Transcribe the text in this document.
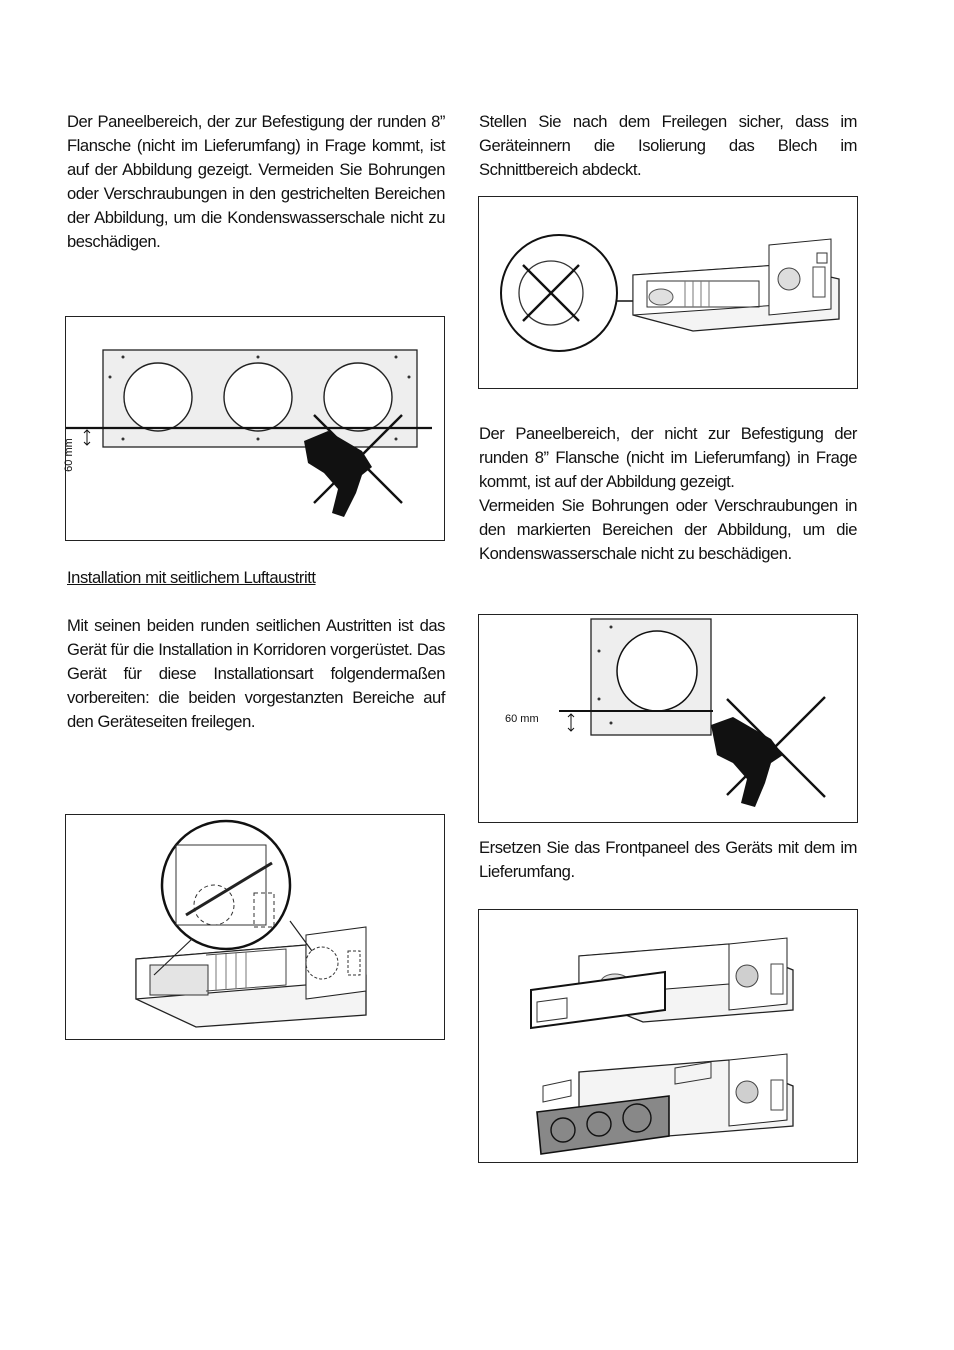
Der Paneelbereich, der zur Befestigung der runden 8” Flansche (nicht im Lieferumfang) in Frage kommt, ist auf der Abbildung gezeigt. Vermeiden Sie Bohrungen oder Verschraubungen in den gestrichelten Bereichen der Abbildung, um die Kondenswasserschale nicht zu beschädigen.

60 mm
Installation mit seitlichem Luftaustritt

Mit seinen beiden runden seitlichen Austritten ist das Gerät für die Installation in Korridoren vorgerüstet. Das Gerät für diese Installationsart folgendermaßen vorbereiten: die beiden vorgestanzten Bereiche auf den Geräteseiten freilegen.

Stellen Sie nach dem Freilegen sicher, dass im Geräteinnern die Isolierung das Blech im Schnittbereich abdeckt.

Der Paneelbereich, der nicht zur Befestigung der runden 8” Flansche (nicht im Lieferumfang) in Frage kommt, ist auf der Abbildung gezeigt.

Vermeiden Sie Bohrungen oder Verschraubungen in den markierten Bereichen der Abbildung, um die Kondenswasserschale nicht zu beschädigen.

60 mm

Ersetzen Sie das Frontpaneel des Geräts mit dem im Lieferumfang.
